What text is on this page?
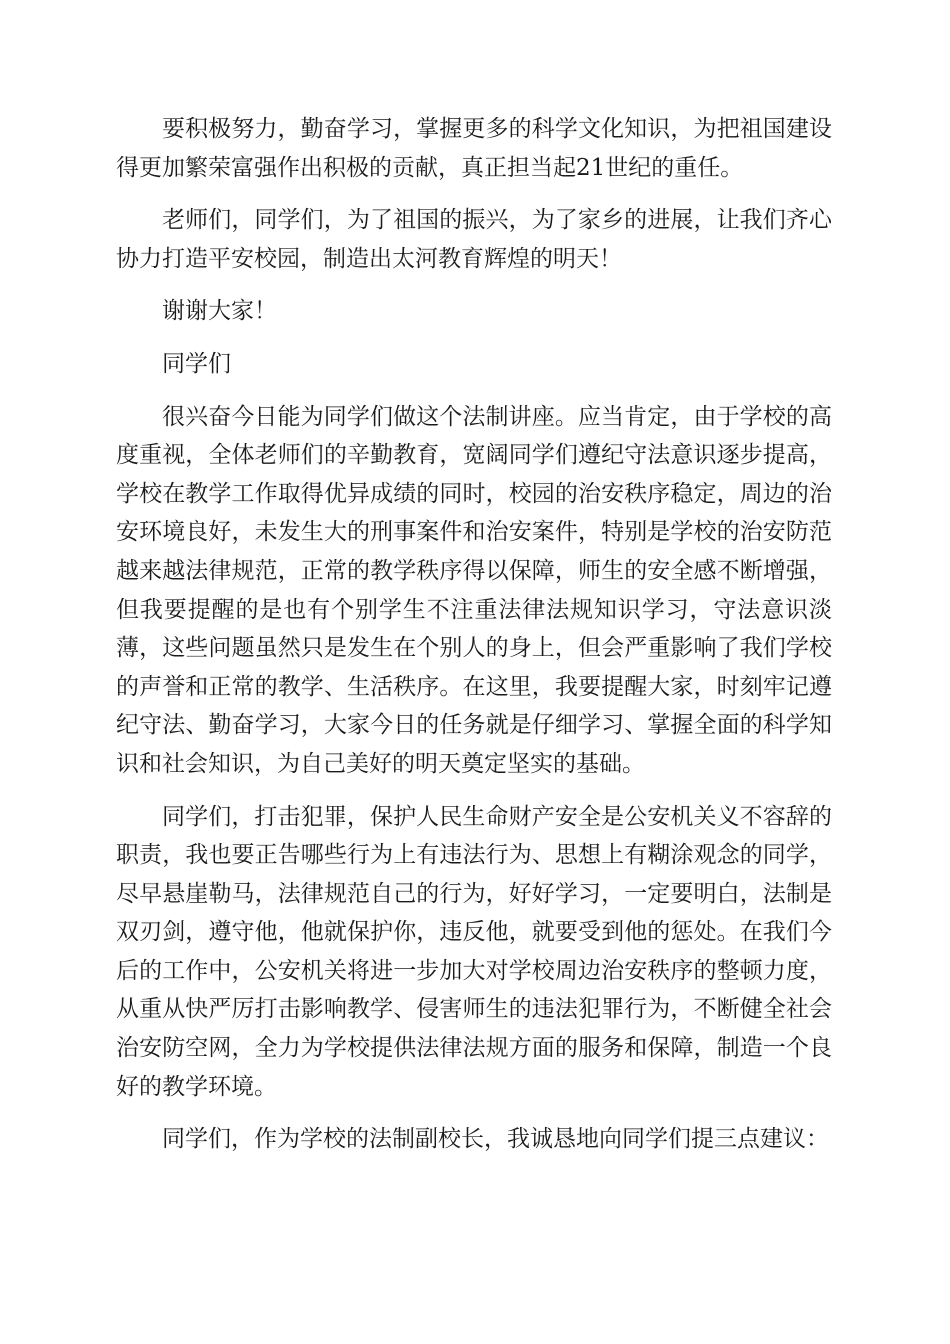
要积极努力，勤奋学习，掌握更多的科学文化知识，为把祖国建设得更加繁荣富强作出积极的贡献，真正担当起21世纪的重任。

老师们，同学们，为了祖国的振兴，为了家乡的进展，让我们齐心协力打造平安校园，制造出太河教育辉煌的明天！

谢谢大家！

同学们

很兴奋今日能为同学们做这个法制讲座。应当肯定，由于学校的高度重视，全体老师们的辛勤教育，宽阔同学们遵纪守法意识逐步提高，学校在教学工作取得优异成绩的同时，校园的治安秩序稳定，周边的治安环境良好，未发生大的刑事案件和治安案件，特别是学校的治安防范越来越法律规范，正常的教学秩序得以保障，师生的安全感不断增强，但我要提醒的是也有个别学生不注重法律法规知识学习，守法意识淡薄，这些问题虽然只是发生在个别人的身上，但会严重影响了我们学校的声誉和正常的教学、生活秩序。在这里，我要提醒大家，时刻牢记遵纪守法、勤奋学习，大家今日的任务就是仔细学习、掌握全面的科学知识和社会知识，为自己美好的明天奠定坚实的基础。

同学们，打击犯罪，保护人民生命财产安全是公安机关义不容辞的职责，我也要正告哪些行为上有违法行为、思想上有糊涂观念的同学，尽早悬崖勒马，法律规范自己的行为，好好学习，一定要明白，法制是双刃剑，遵守他，他就保护你，违反他，就要受到他的惩处。在我们今后的工作中，公安机关将进一步加大对学校周边治安秩序的整顿力度，从重从快严厉打击影响教学、侵害师生的违法犯罪行为，不断健全社会治安防空网，全力为学校提供法律法规方面的服务和保障，制造一个良好的教学环境。

同学们，作为学校的法制副校长，我诚恳地向同学们提三点建议：
